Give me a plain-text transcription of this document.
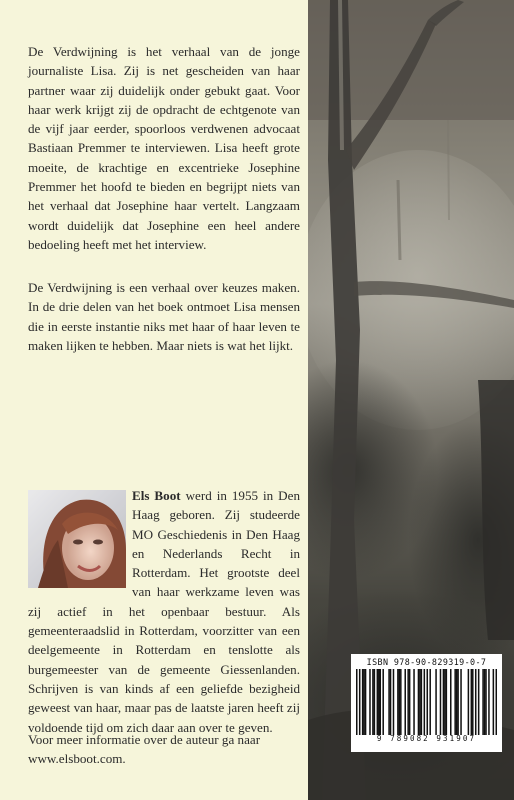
De Verdwijning is het verhaal van de jonge journaliste Lisa. Zij is net gescheiden van haar partner waar zij duidelijk onder gebukt gaat. Voor haar werk krijgt zij de opdracht de echtgenote van de vijf jaar eerder, spoorloos verdwenen advocaat Bastiaan Premmer te interviewen. Lisa heeft grote moeite, de krachtige en excentrieke Josephine Premmer het hoofd te bieden en begrijpt niets van het verhaal dat Josephine haar vertelt. Langzaam wordt duidelijk dat Josephine een heel andere bedoeling heeft met het interview.

De Verdwijning is een verhaal over keuzes maken. In de drie delen van het boek ontmoet Lisa mensen die in eerste instantie niks met haar of haar leven te maken lijken te hebben. Maar niets is wat het lijkt.

Els Boot werd in 1955 in Den Haag geboren. Zij studeerde MO Geschiedenis in Den Haag en Nederlands Recht in Rotterdam. Het grootste deel van haar werkzame leven was zij actief in het openbaar bestuur. Als gemeenteraadslid in Rotterdam, voorzitter van een deelgemeente in Rotterdam en tenslotte als burgemeester van de gemeente Giessenlanden. Schrijven is van kinds af een geliefde bezigheid geweest van haar, maar pas de laatste jaren heeft zij voldoende tijd om zich daar aan over te geven.

Voor meer informatie over de auteur ga naar www.elsboot.com.

ISBN 978-90-829319-0-7
9 789082 931907
